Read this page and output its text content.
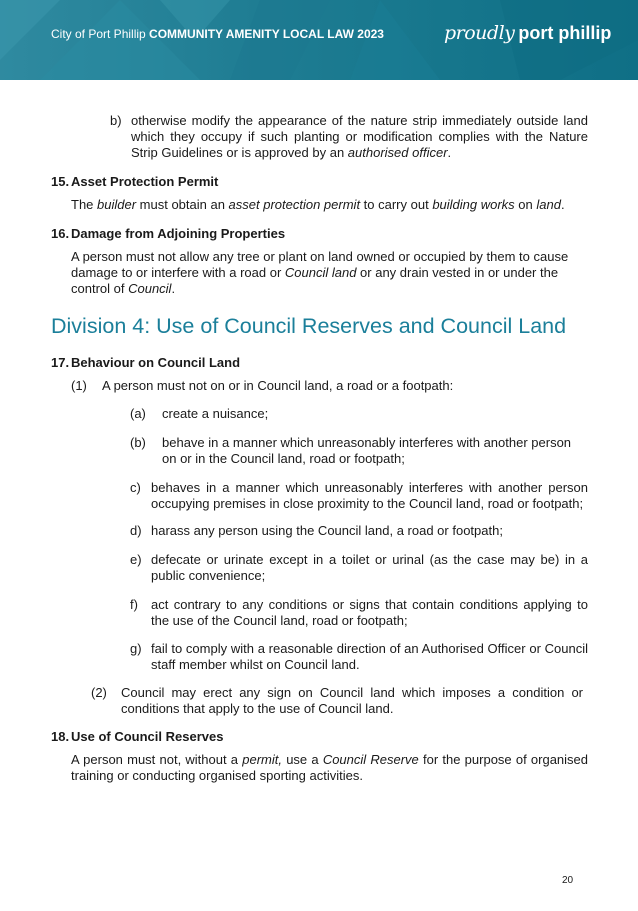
City of Port Phillip COMMUNITY AMENITY LOCAL LAW 2023	proudly port phillip
b) otherwise modify the appearance of the nature strip immediately outside land which they occupy if such planting or modification complies with the Nature Strip Guidelines or is approved by an authorised officer.
15. Asset Protection Permit
The builder must obtain an asset protection permit to carry out building works on land.
16. Damage from Adjoining Properties
A person must not allow any tree or plant on land owned or occupied by them to cause damage to or interfere with a road or Council land or any drain vested in or under the control of Council.
Division 4: Use of Council Reserves and Council Land
17. Behaviour on Council Land
(1) A person must not on or in Council land, a road or a footpath:
(a) create a nuisance;
(b) behave in a manner which unreasonably interferes with another person on or in the Council land, road or footpath;
c) behaves in a manner which unreasonably interferes with another person occupying premises in close proximity to the Council land, road or footpath;
d) harass any person using the Council land, a road or footpath;
e) defecate or urinate except in a toilet or urinal (as the case may be) in a public convenience;
f) act contrary to any conditions or signs that contain conditions applying to the use of the Council land, road or footpath;
g) fail to comply with a reasonable direction of an Authorised Officer or Council staff member whilst on Council land.
(2) Council may erect any sign on Council land which imposes a condition or conditions that apply to the use of Council land.
18. Use of Council Reserves
A person must not, without a permit, use a Council Reserve for the purpose of organised training or conducting organised sporting activities.
20
